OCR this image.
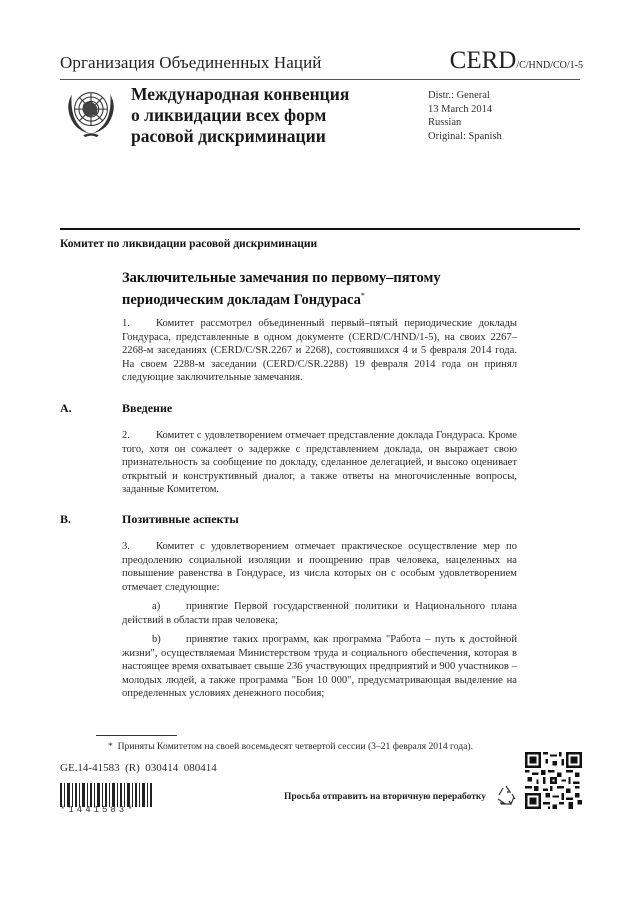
Организация Объединенных Наций	CERD/C/HND/CO/1-5
Международная конвенция
о ликвидации всех форм
расовой дискриминации
Distr.: General
13 March 2014
Russian
Original: Spanish
Комитет по ликвидации расовой дискриминации
Заключительные замечания по первому–пятому
периодическим докладам Гондураса*
1. Комитет рассмотрел объединенный первый–пятый периодические доклады Гондураса, представленные в одном документе (CERD/C/HND/1-5), на своих 2267–2268-м заседаниях (CERD/C/SR.2267 и 2268), состоявшихся 4 и 5 февраля 2014 года. На своем 2288-м заседании (CERD/C/SR.2288) 19 февраля 2014 года он принял следующие заключительные замечания.
A.	Введение
2. Комитет с удовлетворением отмечает представление доклада Гондураса. Кроме того, хотя он сожалеет о задержке с представлением доклада, он выражает свою признательность за сообщение по докладу, сделанное делегацией, и высоко оценивает открытый и конструктивный диалог, а также ответы на многочисленные вопросы, заданные Комитетом.
B.	Позитивные аспекты
3. Комитет с удовлетворением отмечает практическое осуществление мер по преодолению социальной изоляции и поощрению прав человека, нацеленных на повышение равенства в Гондурасе, из числа которых он с особым удовлетворением отмечает следующие:
a) принятие Первой государственной политики и Национального плана действий в области прав человека;
b) принятие таких программ, как программа "Работа – путь к достойной жизни", осуществляемая Министерством труда и социального обеспечения, которая в настоящее время охватывает свыше 236 участвующих предприятий и 900 участников – молодых людей, а также программа "Бон 10 000", предусматривающая выделение на определенных условиях денежного пособия;
* Приняты Комитетом на своей восемьдесят четвертой сессии (3–21 февраля 2014 года).
GE.14-41583  (R)  030414  080414
*1441583*
Просьба отправить на вторичную переработку
